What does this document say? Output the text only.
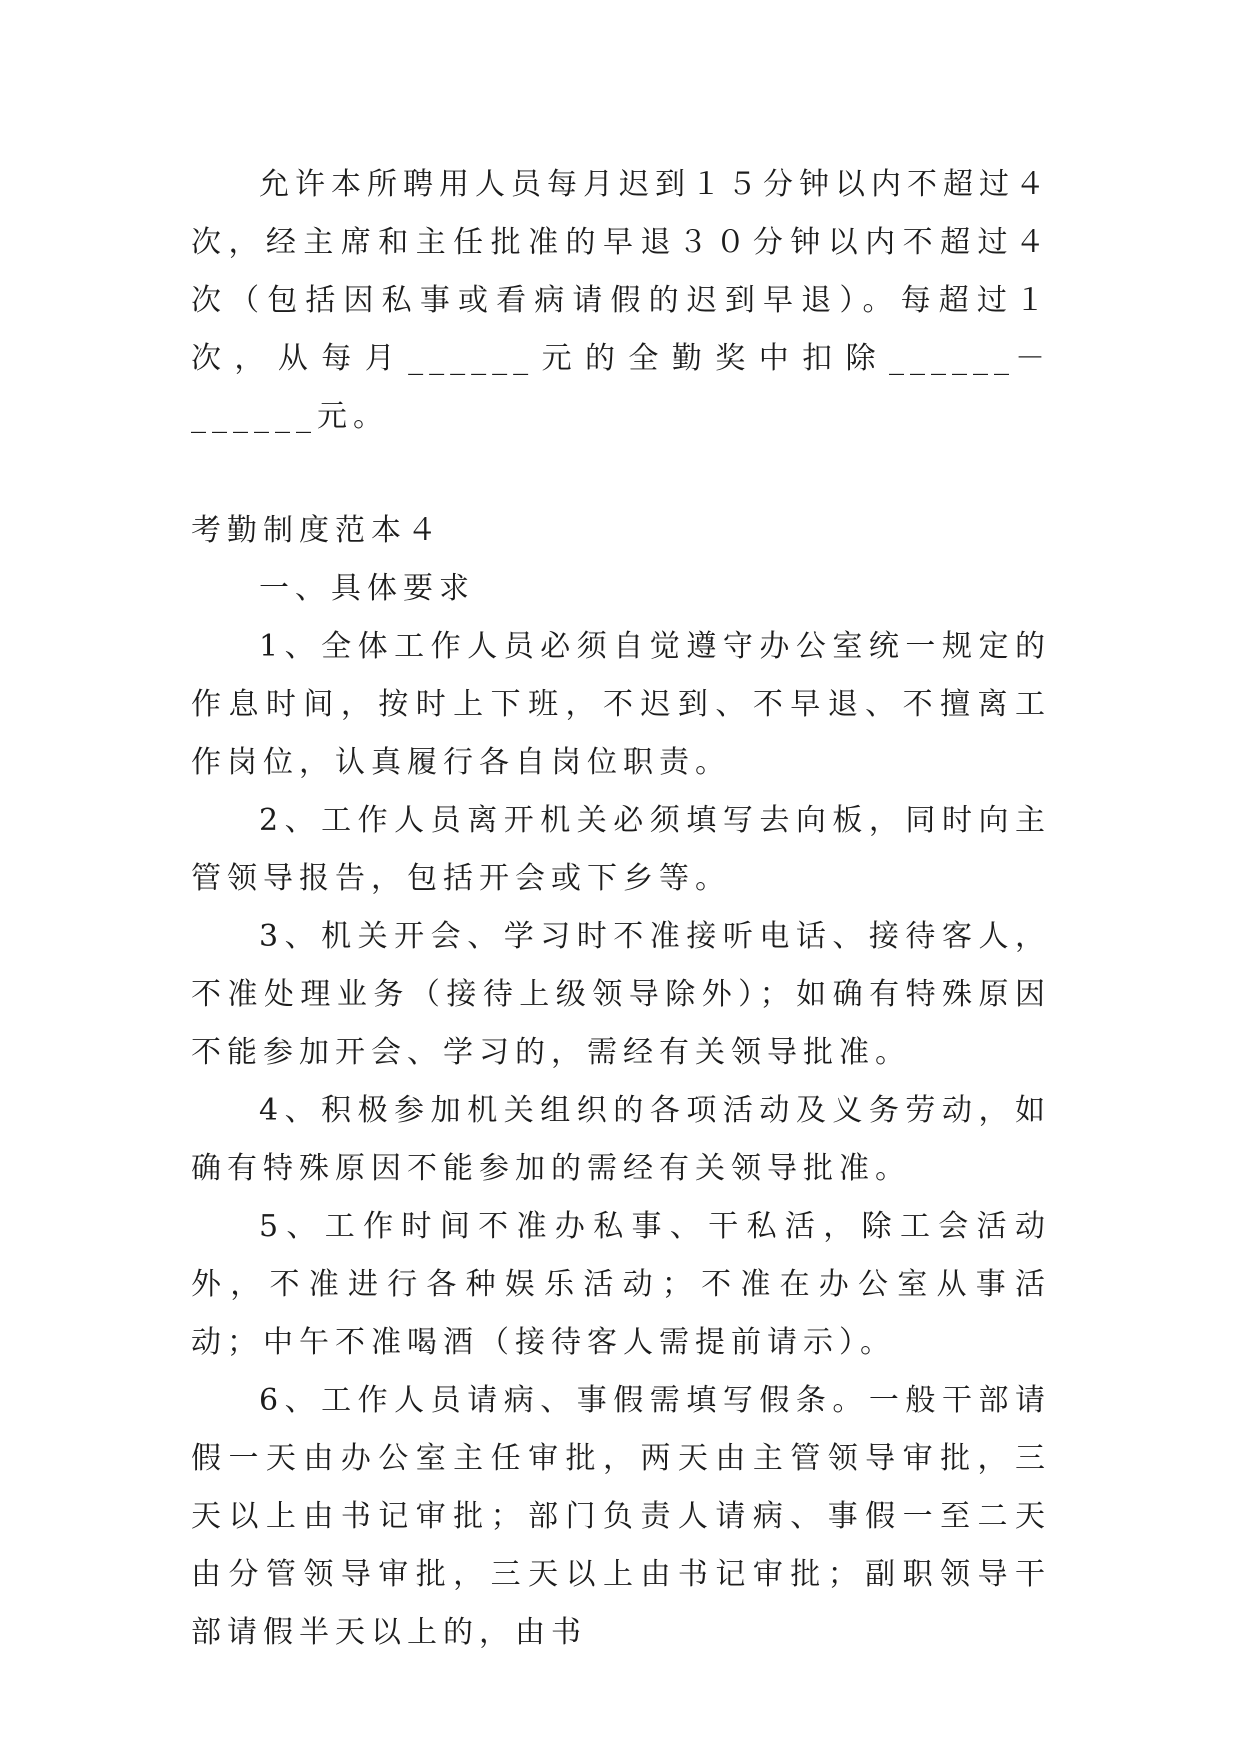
允许本所聘用人员每月迟到１５分钟以内不超过４次，经主席和主任批准的早退３０分钟以内不超过４次（包括因私事或看病请假的迟到早退）。每超过１次，从每月______元的全勤奖中扣除______－______元。

考勤制度范本４

一、具体要求

1、全体工作人员必须自觉遵守办公室统一规定的作息时间，按时上下班，不迟到、不早退、不擅离工作岗位，认真履行各自岗位职责。

2、工作人员离开机关必须填写去向板，同时向主管领导报告，包括开会或下乡等。

3、机关开会、学习时不准接听电话、接待客人，不准处理业务（接待上级领导除外）；如确有特殊原因不能参加开会、学习的，需经有关领导批准。

4、积极参加机关组织的各项活动及义务劳动，如确有特殊原因不能参加的需经有关领导批准。

5、工作时间不准办私事、干私活，除工会活动外，不准进行各种娱乐活动；不准在办公室从事活动；中午不准喝酒（接待客人需提前请示）。

6、工作人员请病、事假需填写假条。一般干部请假一天由办公室主任审批，两天由主管领导审批，三天以上由书记审批；部门负责人请病、事假一至二天由分管领导审批，三天以上由书记审批；副职领导干部请假半天以上的，由书
